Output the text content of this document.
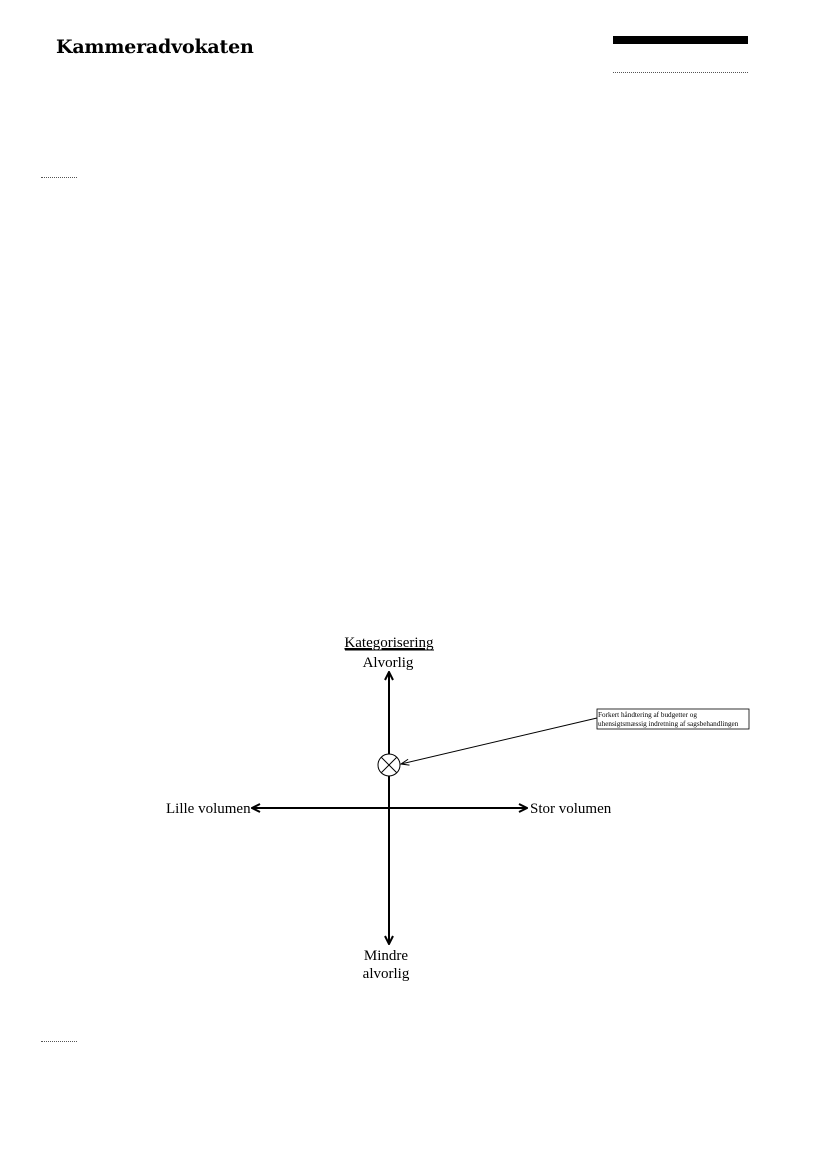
Kammeradvokaten
Kategorisering
Alvorlig
Mindre
alvorlig
Lille volumen	Stor volumen
Forkert håndtering af budgetter og
uhensigtsmæssig indretning af sagsbehandlingen
